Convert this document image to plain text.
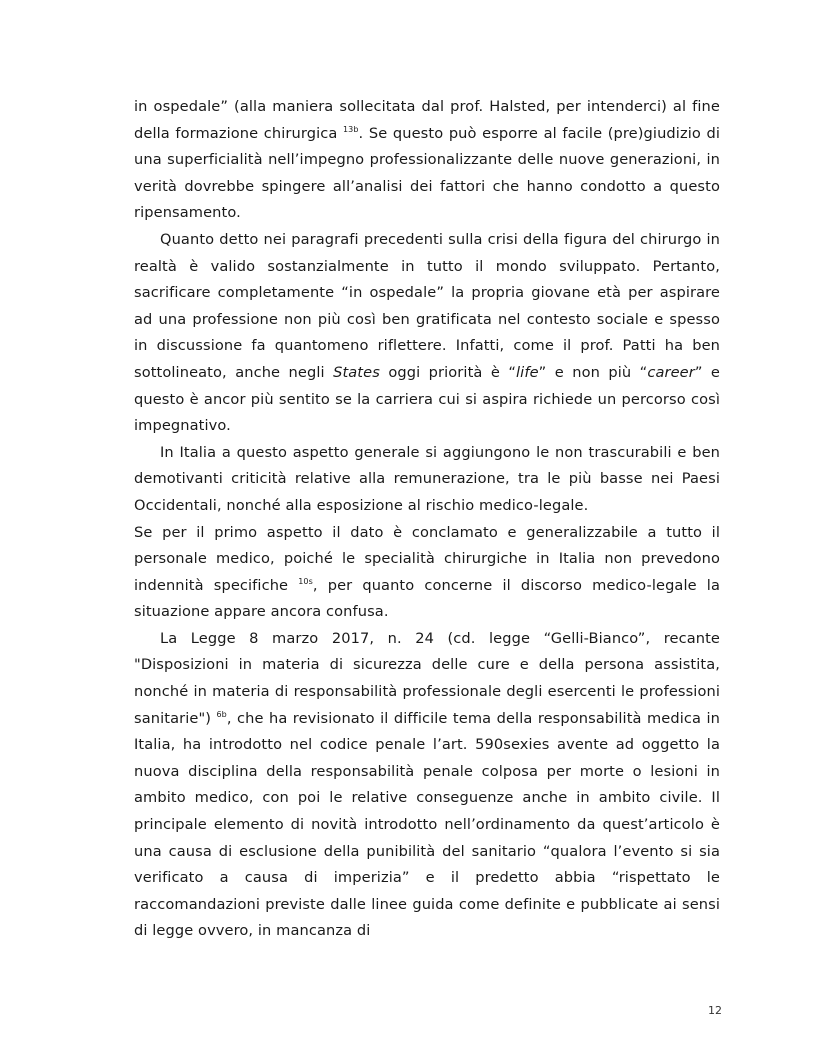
in ospedale” (alla maniera sollecitata dal prof. Halsted, per intenderci) al fine della formazione chirurgica $^{13b}$. Se questo può esporre al facile (pre)giudizio di una superficialità nell’impegno professionalizzante delle nuove generazioni, in verità dovrebbe spingere all’analisi dei fattori che hanno condotto a questo ripensamento.

Quanto detto nei paragrafi precedenti sulla crisi della figura del chirurgo in realtà è valido sostanzialmente in tutto il mondo sviluppato. Pertanto, sacrificare completamente “in ospedale” la propria giovane età per aspirare ad una professione non più così ben gratificata nel contesto sociale e spesso in discussione fa quantomeno riflettere. Infatti, come il prof. Patti ha ben sottolineato, anche negli States oggi priorità è “life” e non più “career” e questo è ancor più sentito se la carriera cui si aspira richiede un percorso così impegnativo.

In Italia a questo aspetto generale si aggiungono le non trascurabili e ben demotivanti criticità relative alla remunerazione, tra le più basse nei Paesi Occidentali, nonché alla esposizione al rischio medico-legale.

Se per il primo aspetto il dato è conclamato e generalizzabile a tutto il personale medico, poiché le specialità chirurgiche in Italia non prevedono indennità specifiche $^{10s}$, per quanto concerne il discorso medico-legale la situazione appare ancora confusa.

La Legge 8 marzo 2017, n. 24 (cd. legge “Gelli-Bianco”, recante "Disposizioni in materia di sicurezza delle cure e della persona assistita, nonché in materia di responsabilità professionale degli esercenti le professioni sanitarie") $^{6b}$, che ha revisionato il difficile tema della responsabilità medica in Italia, ha introdotto nel codice penale l’art. 590sexies avente ad oggetto la nuova disciplina della responsabilità penale colposa per morte o lesioni in ambito medico, con poi le relative conseguenze anche in ambito civile. Il principale elemento di novità introdotto nell’ordinamento da quest’articolo è una causa di esclusione della punibilità del sanitario “qualora l’evento si sia verificato a causa di imperizia” e il predetto abbia “rispettato le raccomandazioni previste dalle linee guida come definite e pubblicate ai sensi di legge ovvero, in mancanza di

12
